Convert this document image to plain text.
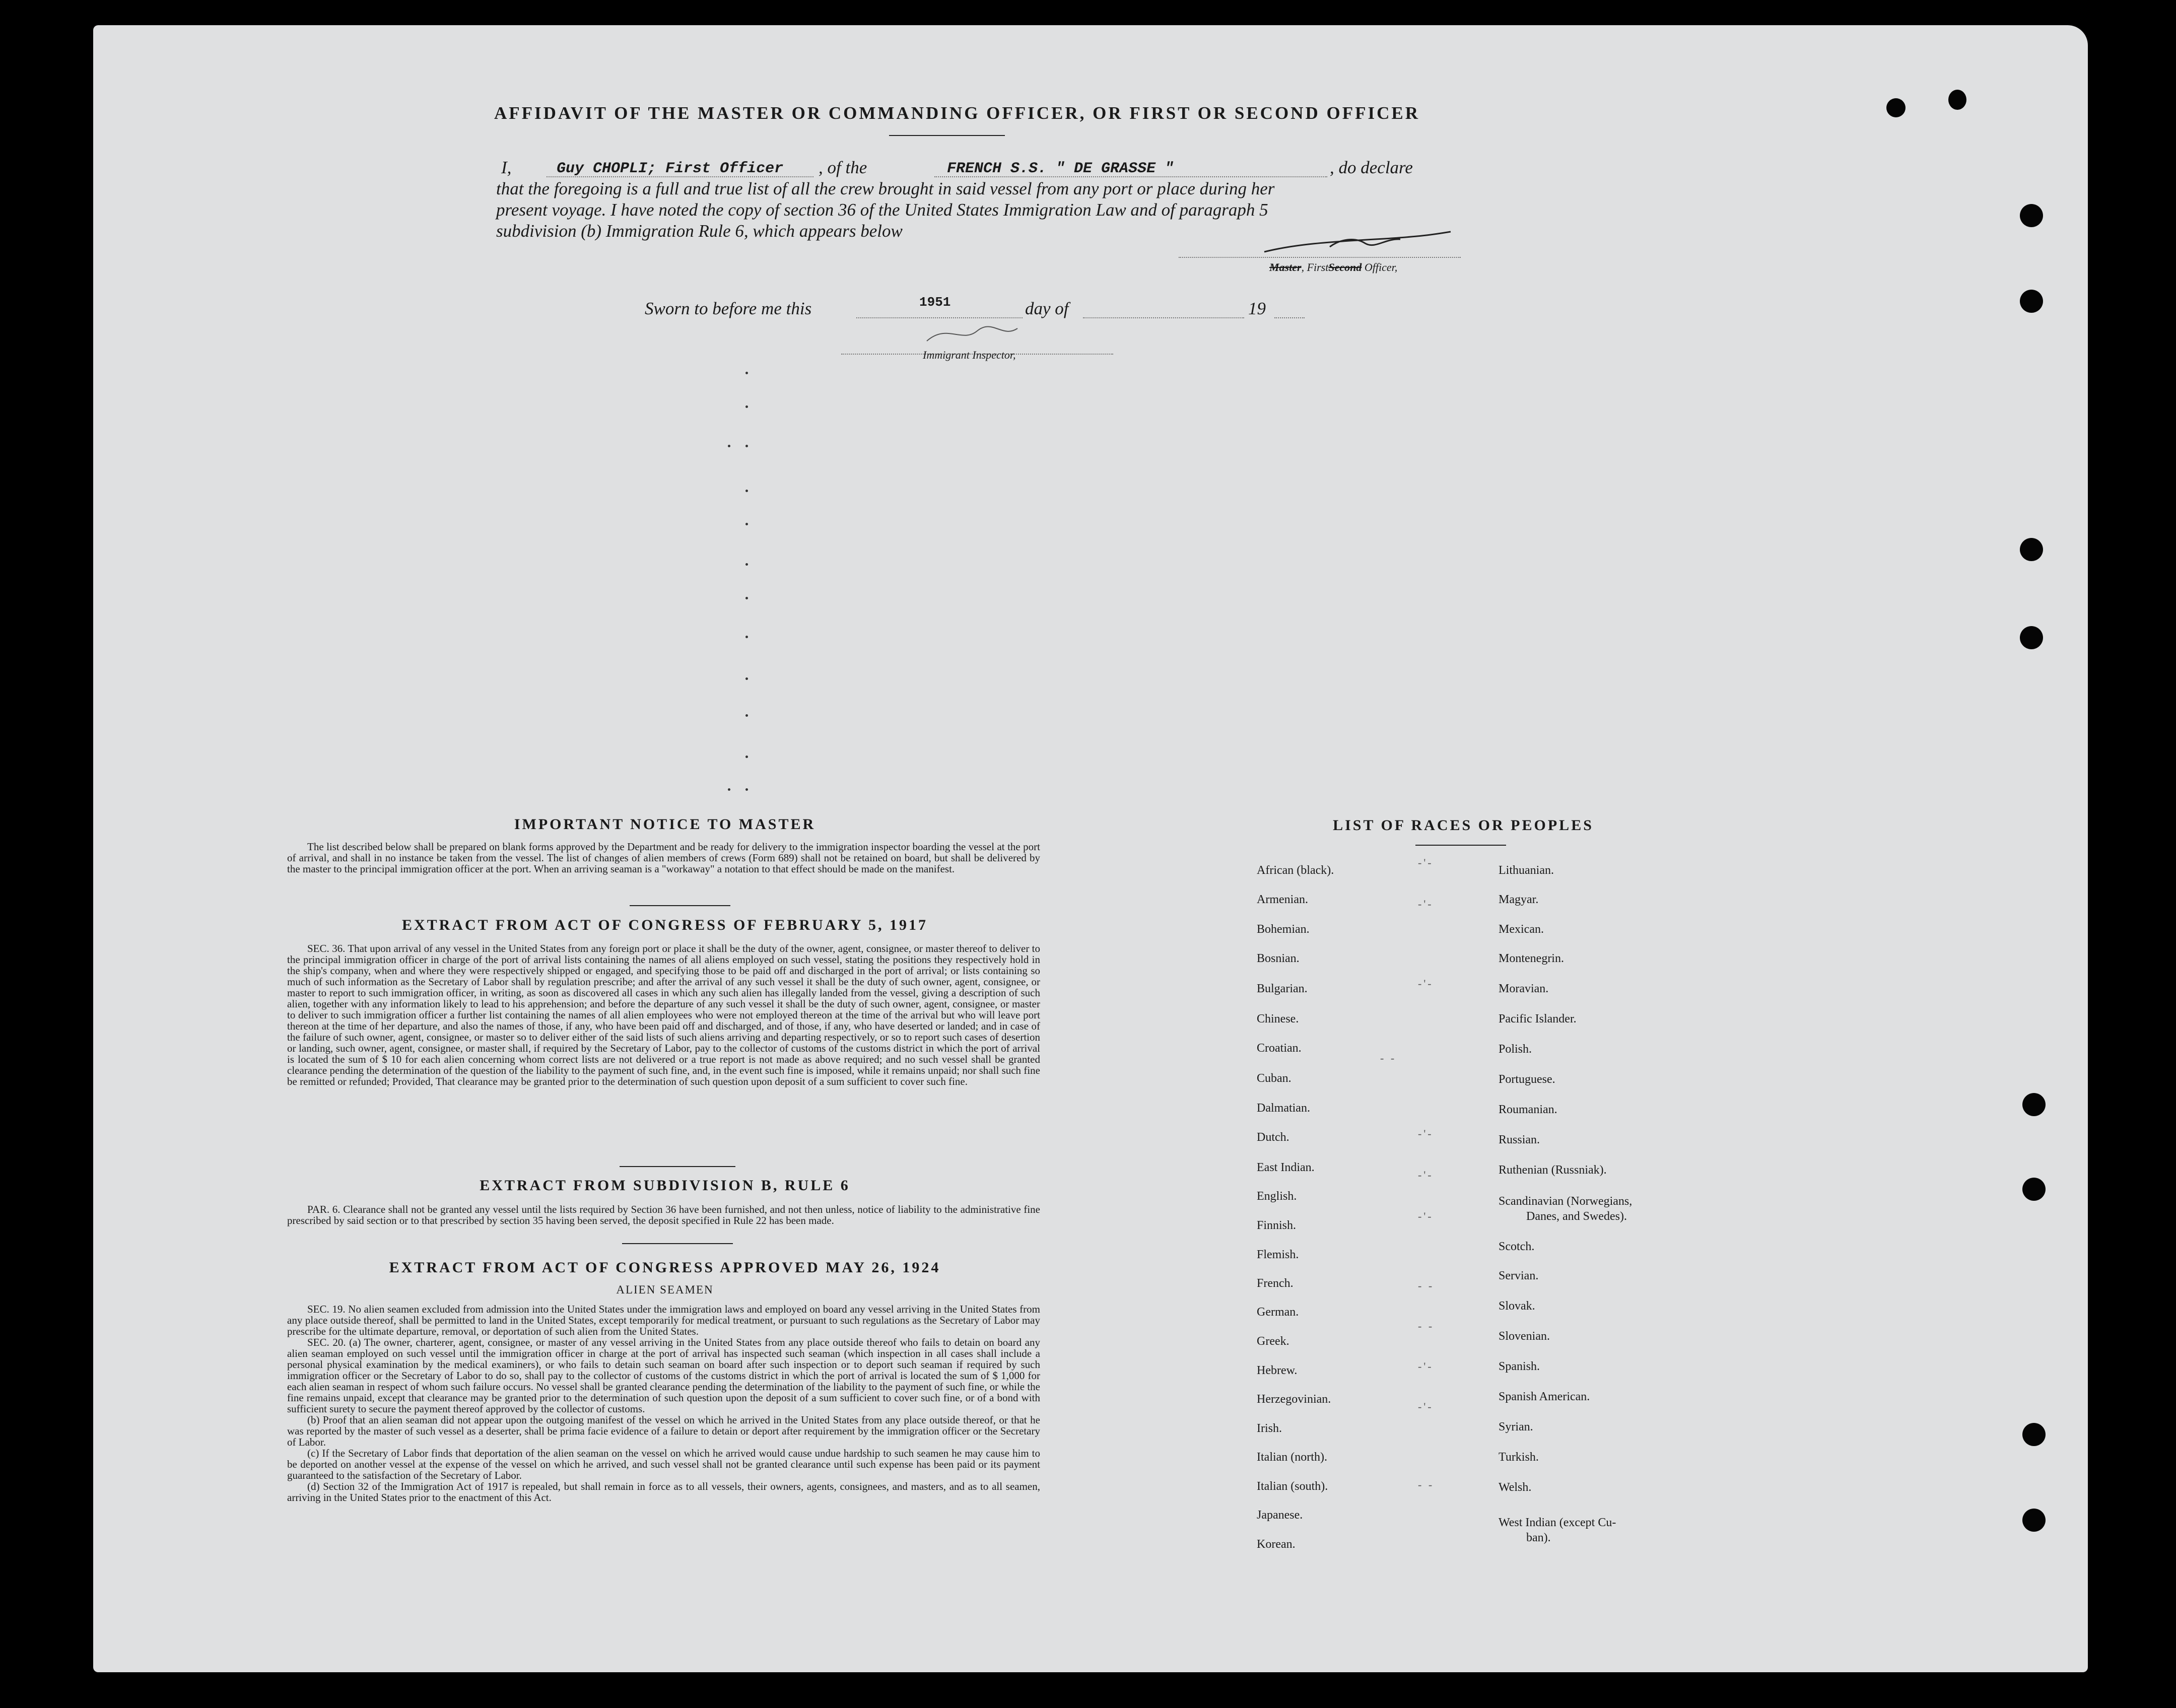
AFFIDAVIT OF THE MASTER OR COMMANDING OFFICER, OR FIRST OR SECOND OFFICER
I,	Guy CHOPLI; First Officer , of the	FRENCH S.S. " DE GRASSE "	, do declare
that the foregoing is a full and true list of all the crew brought in said vessel from any port or place during her
present voyage. I have noted the copy of section 36 of the United States Immigration Law and of paragraph 5
subdivision (b) Immigration Rule 6, which appears below
Master, FirstSecond Officer,
Sworn to before me this	1951	day of	19
Immigrant Inspector,
IMPORTANT NOTICE TO MASTER

The list described below shall be prepared on blank forms approved by the Department and be ready for delivery to the immigration inspector boarding the vessel at the port of arrival, and shall in no instance be taken from the vessel. The list of changes of alien members of crews (Form 689) shall not be retained on board, but shall be delivered by the master to the principal immigration officer at the port. When an arriving seaman is a "workaway" a notation to that effect should be made on the manifest.

EXTRACT FROM ACT OF CONGRESS OF FEBRUARY 5, 1917

SEC. 36. That upon arrival of any vessel in the United States from any foreign port or place it shall be the duty of the owner, agent, consignee, or master thereof to deliver to the principal immigration officer in charge of the port of arrival lists containing the names of all aliens employed on such vessel, stating the positions they respectively hold in the ship's company, when and where they were respectively shipped or engaged, and specifying those to be paid off and discharged in the port of arrival; or lists containing so much of such information as the Secretary of Labor shall by regulation prescribe; and after the arrival of any such vessel it shall be the duty of such owner, agent, consignee, or master to report to such immigration officer, in writing, as soon as discovered all cases in which any such alien has illegally landed from the vessel, giving a description of such alien, together with any information likely to lead to his apprehension; and before the departure of any such vessel it shall be the duty of such owner, agent, consignee, or master to deliver to such immigration officer a further list containing the names of all alien employees who were not employed thereon at the time of the arrival but who will leave port thereon at the time of her departure, and also the names of those, if any, who have been paid off and discharged, and of those, if any, who have deserted or landed; and in case of the failure of such owner, agent, consignee, or master so to deliver either of the said lists of such aliens arriving and departing respectively, or so to report such cases of desertion or landing, such owner, agent, consignee, or master shall, if required by the Secretary of Labor, pay to the collector of customs of the customs district in which the port of arrival is located the sum of $ 10 for each alien concerning whom correct lists are not delivered or a true report is not made as above required; and no such vessel shall be granted clearance pending the determination of the question of the liability to the payment of such fine, and, in the event such fine is imposed, while it remains unpaid; nor shall such fine be remitted or refunded; Provided, That clearance may be granted prior to the determination of such question upon deposit of a sum sufficient to cover such fine.

EXTRACT FROM SUBDIVISION B, RULE 6

PAR. 6. Clearance shall not be granted any vessel until the lists required by Section 36 have been furnished, and not then unless, notice of liability to the administrative fine prescribed by said section or to that prescribed by section 35 having been served, the deposit specified in Rule 22 has been made.

EXTRACT FROM ACT OF CONGRESS APPROVED MAY 26, 1924
ALIEN SEAMEN

SEC. 19. No alien seamen excluded from admission into the United States under the immigration laws and employed on board any vessel arriving in the United States from any place outside thereof, shall be permitted to land in the United States, except temporarily for medical treatment, or pursuant to such regulations as the Secretary of Labor may prescribe for the ultimate departure, removal, or deportation of such alien from the United States.

SEC. 20. (a) The owner, charterer, agent, consignee, or master of any vessel arriving in the United States from any place outside thereof who fails to detain on board any alien seaman employed on such vessel until the immigration officer in charge at the port of arrival has inspected such seaman (which inspection in all cases shall include a personal physical examination by the medical examiners), or who fails to detain such seaman on board after such inspection or to deport such seaman if required by such immigration officer or the Secretary of Labor to do so, shall pay to the collector of customs of the customs district in which the port of arrival is located the sum of $ 1,000 for each alien seaman in respect of whom such failure occurs. No vessel shall be granted clearance pending the determination of the liability to the payment of such fine, or while the fine remains unpaid, except that clearance may be granted prior to the determination of such question upon the deposit of a sum sufficient to cover such fine, or of a bond with sufficient surety to secure the payment thereof approved by the collector of customs.

(b) Proof that an alien seaman did not appear upon the outgoing manifest of the vessel on which he arrived in the United States from any place outside thereof, or that he was reported by the master of such vessel as a deserter, shall be prima facie evidence of a failure to detain or deport after requirement by the immigration officer or the Secretary of Labor.

(c) If the Secretary of Labor finds that deportation of the alien seaman on the vessel on which he arrived would cause undue hardship to such seamen he may cause him to be deported on another vessel at the expense of the vessel on which he arrived, and such vessel shall not be granted clearance until such expense has been paid or its payment guaranteed to the satisfaction of the Secretary of Labor.

(d) Section 32 of the Immigration Act of 1917 is repealed, but shall remain in force as to all vessels, their owners, agents, consignees, and masters, and as to all seamen, arriving in the United States prior to the enactment of this Act.

LIST OF RACES OR PEOPLES
African (black).
Armenian.
Bohemian.
Bosnian.
Bulgarian.
Chinese.
Croatian.
Cuban.
Dalmatian.
Dutch.
East Indian.
English.
Finnish.
Flemish.
French.
German.
Greek.
Hebrew.
Herzegovinian.
Irish.
Italian (north).
Italian (south).
Japanese.
Korean.
Lithuanian.
Magyar.
Mexican.
Montenegrin.
Moravian.
Pacific Islander.
Polish.
Portuguese.
Roumanian.
Russian.
Ruthenian (Russniak).
Scandinavian (Norwegians,
Danes, and Swedes).
Scotch.
Servian.
Slovak.
Slovenian.
Spanish.
Spanish American.
Syrian.
Turkish.
Welsh.
West Indian (except Cu-
ban).
-'-
-'-
-'-
- -
-'-
-'-
-'-
- -
- -
-'-
-'-
- -
